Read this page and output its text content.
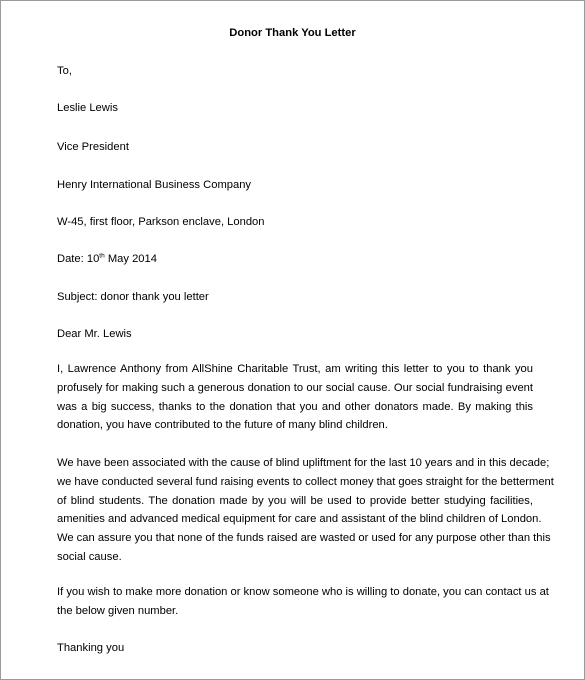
Donor Thank You Letter
To,
Leslie Lewis
Vice President
Henry International Business Company
W-45, first floor, Parkson enclave, London
Date: 10th May 2014
Subject: donor thank you letter
Dear Mr. Lewis
I, Lawrence Anthony from AllShine Charitable Trust, am writing this letter to you to thank you
profusely for making such a generous donation to our social cause. Our social fundraising event
was a big success, thanks to the donation that you and other donators made. By making this
donation, you have contributed to the future of many blind children.
We have been associated with the cause of blind upliftment for the last 10 years and in this decade;
we have conducted several fund raising events to collect money that goes straight for the betterment
of blind students. The donation made by you will be used to provide better studying facilities,
amenities and advanced medical equipment for care and assistant of the blind children of London.
We can assure you that none of the funds raised are wasted or used for any purpose other than this
social cause.
If you wish to make more donation or know someone who is willing to donate, you can contact us at
the below given number.
Thanking you
